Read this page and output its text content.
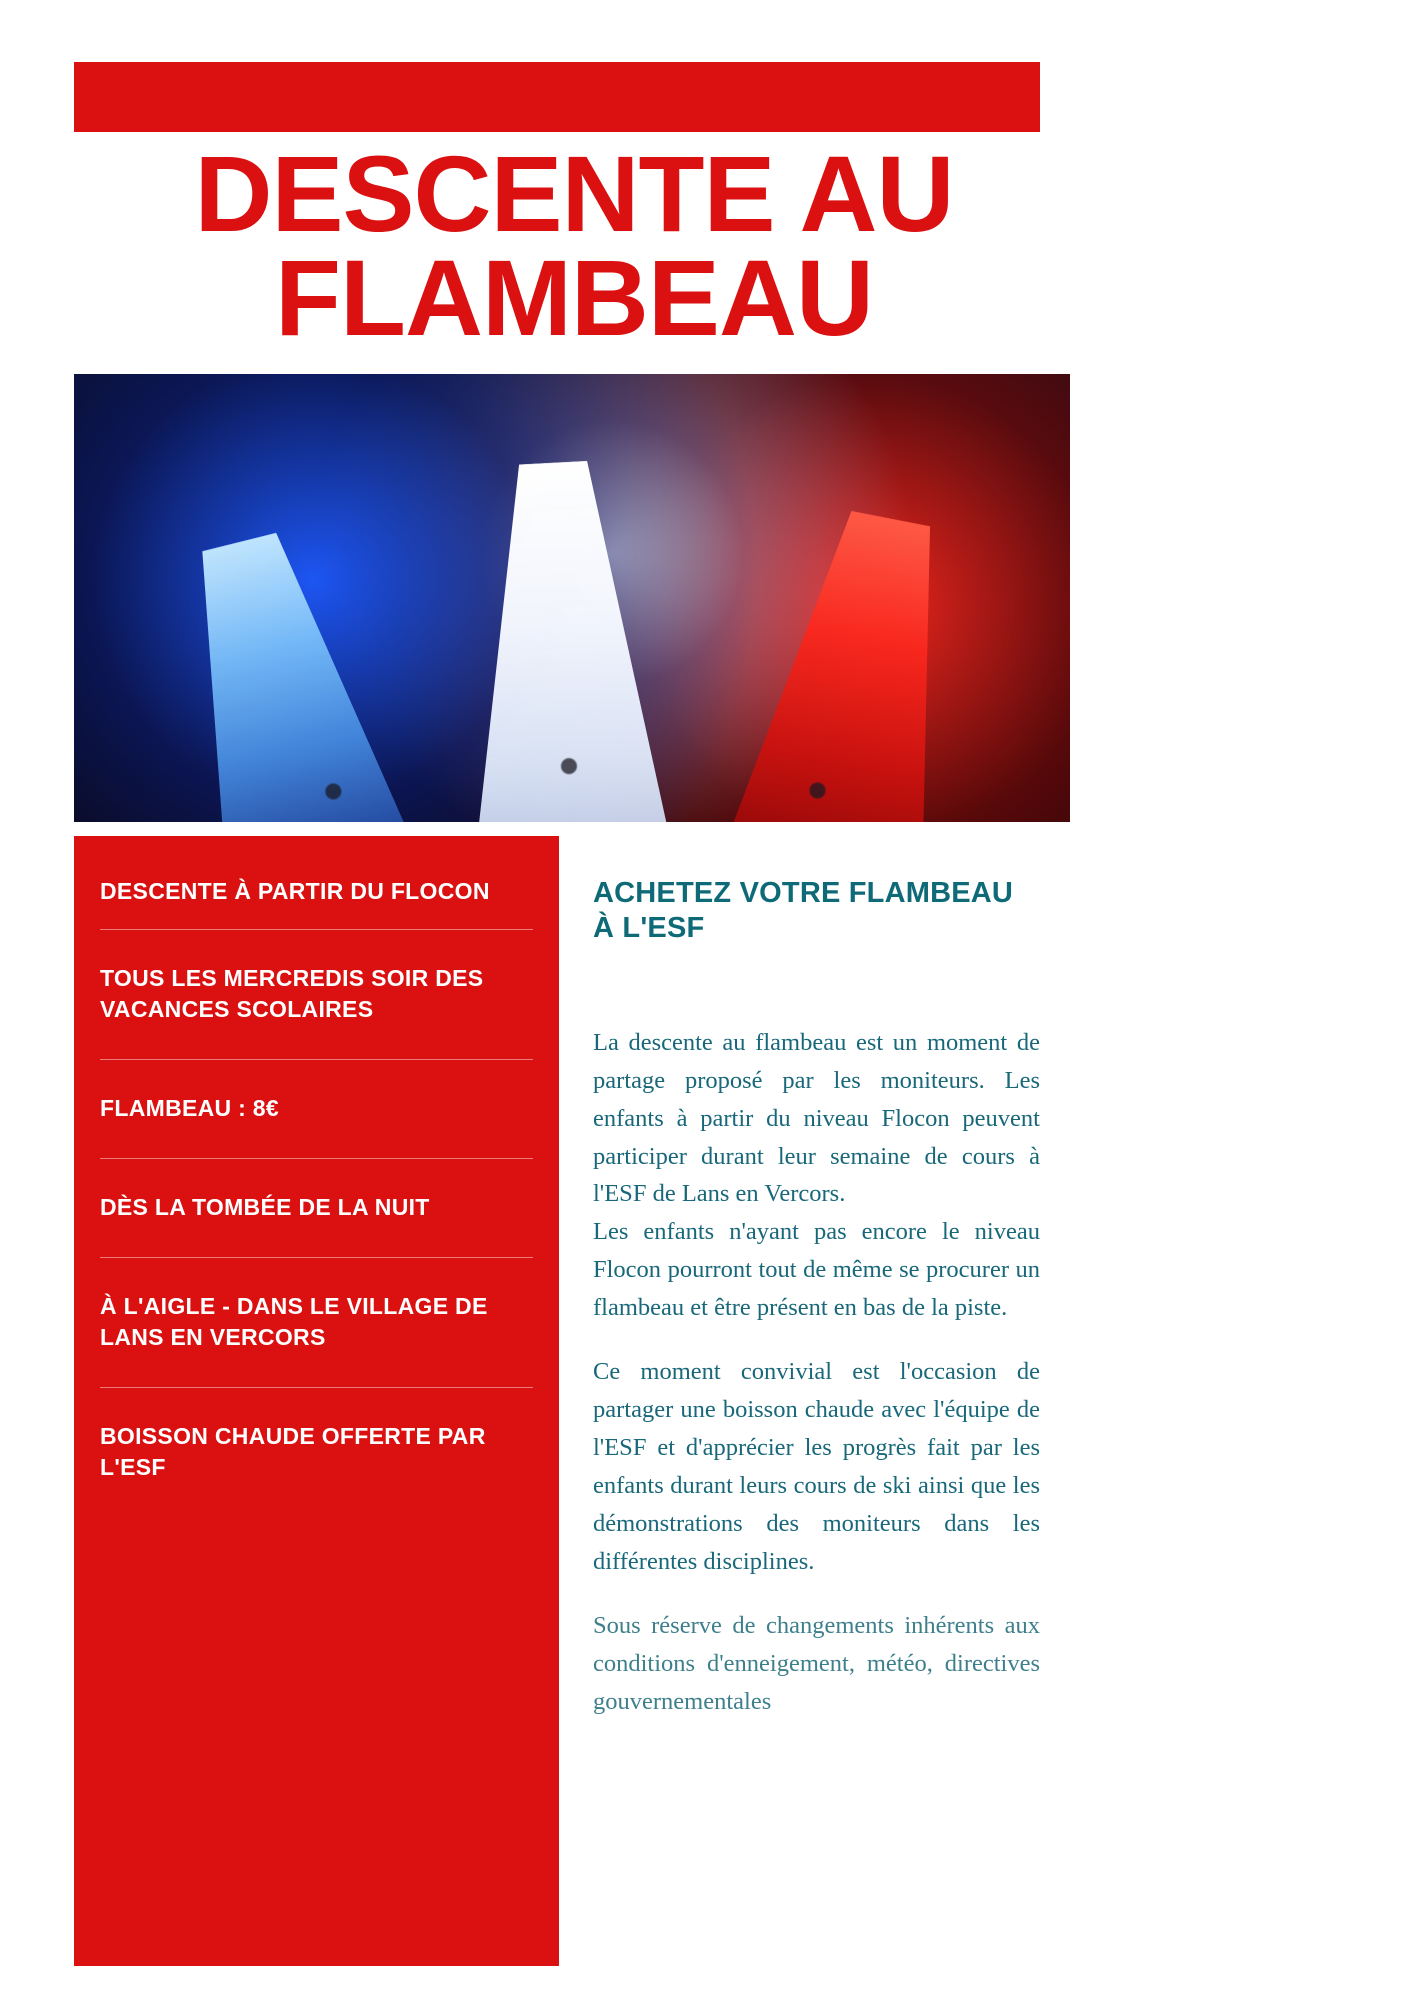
DESCENTE AU
FLAMBEAU
DESCENTE À PARTIR DU FLOCON
TOUS LES MERCREDIS SOIR DES VACANCES SCOLAIRES
FLAMBEAU : 8€
DÈS LA TOMBÉE DE LA NUIT
À L'AIGLE - DANS LE VILLAGE DE LANS EN VERCORS
BOISSON CHAUDE OFFERTE PAR L'ESF
ACHETEZ VOTRE FLAMBEAU À L'ESF

La descente au flambeau est un moment de partage proposé par les moniteurs. Les enfants à partir du niveau Flocon peuvent participer durant leur semaine de cours à l'ESF de Lans en Vercors.

Les enfants n'ayant pas encore le niveau Flocon pourront tout de même se procurer un flambeau et être présent en bas de la piste.

Ce moment convivial est l'occasion de partager une boisson chaude avec l'équipe de l'ESF et d'apprécier les progrès fait par les enfants durant leurs cours de ski ainsi que les démonstrations des moniteurs dans les différentes disciplines.

Sous réserve de changements inhérents aux conditions d'enneigement, météo, directives gouvernementales
